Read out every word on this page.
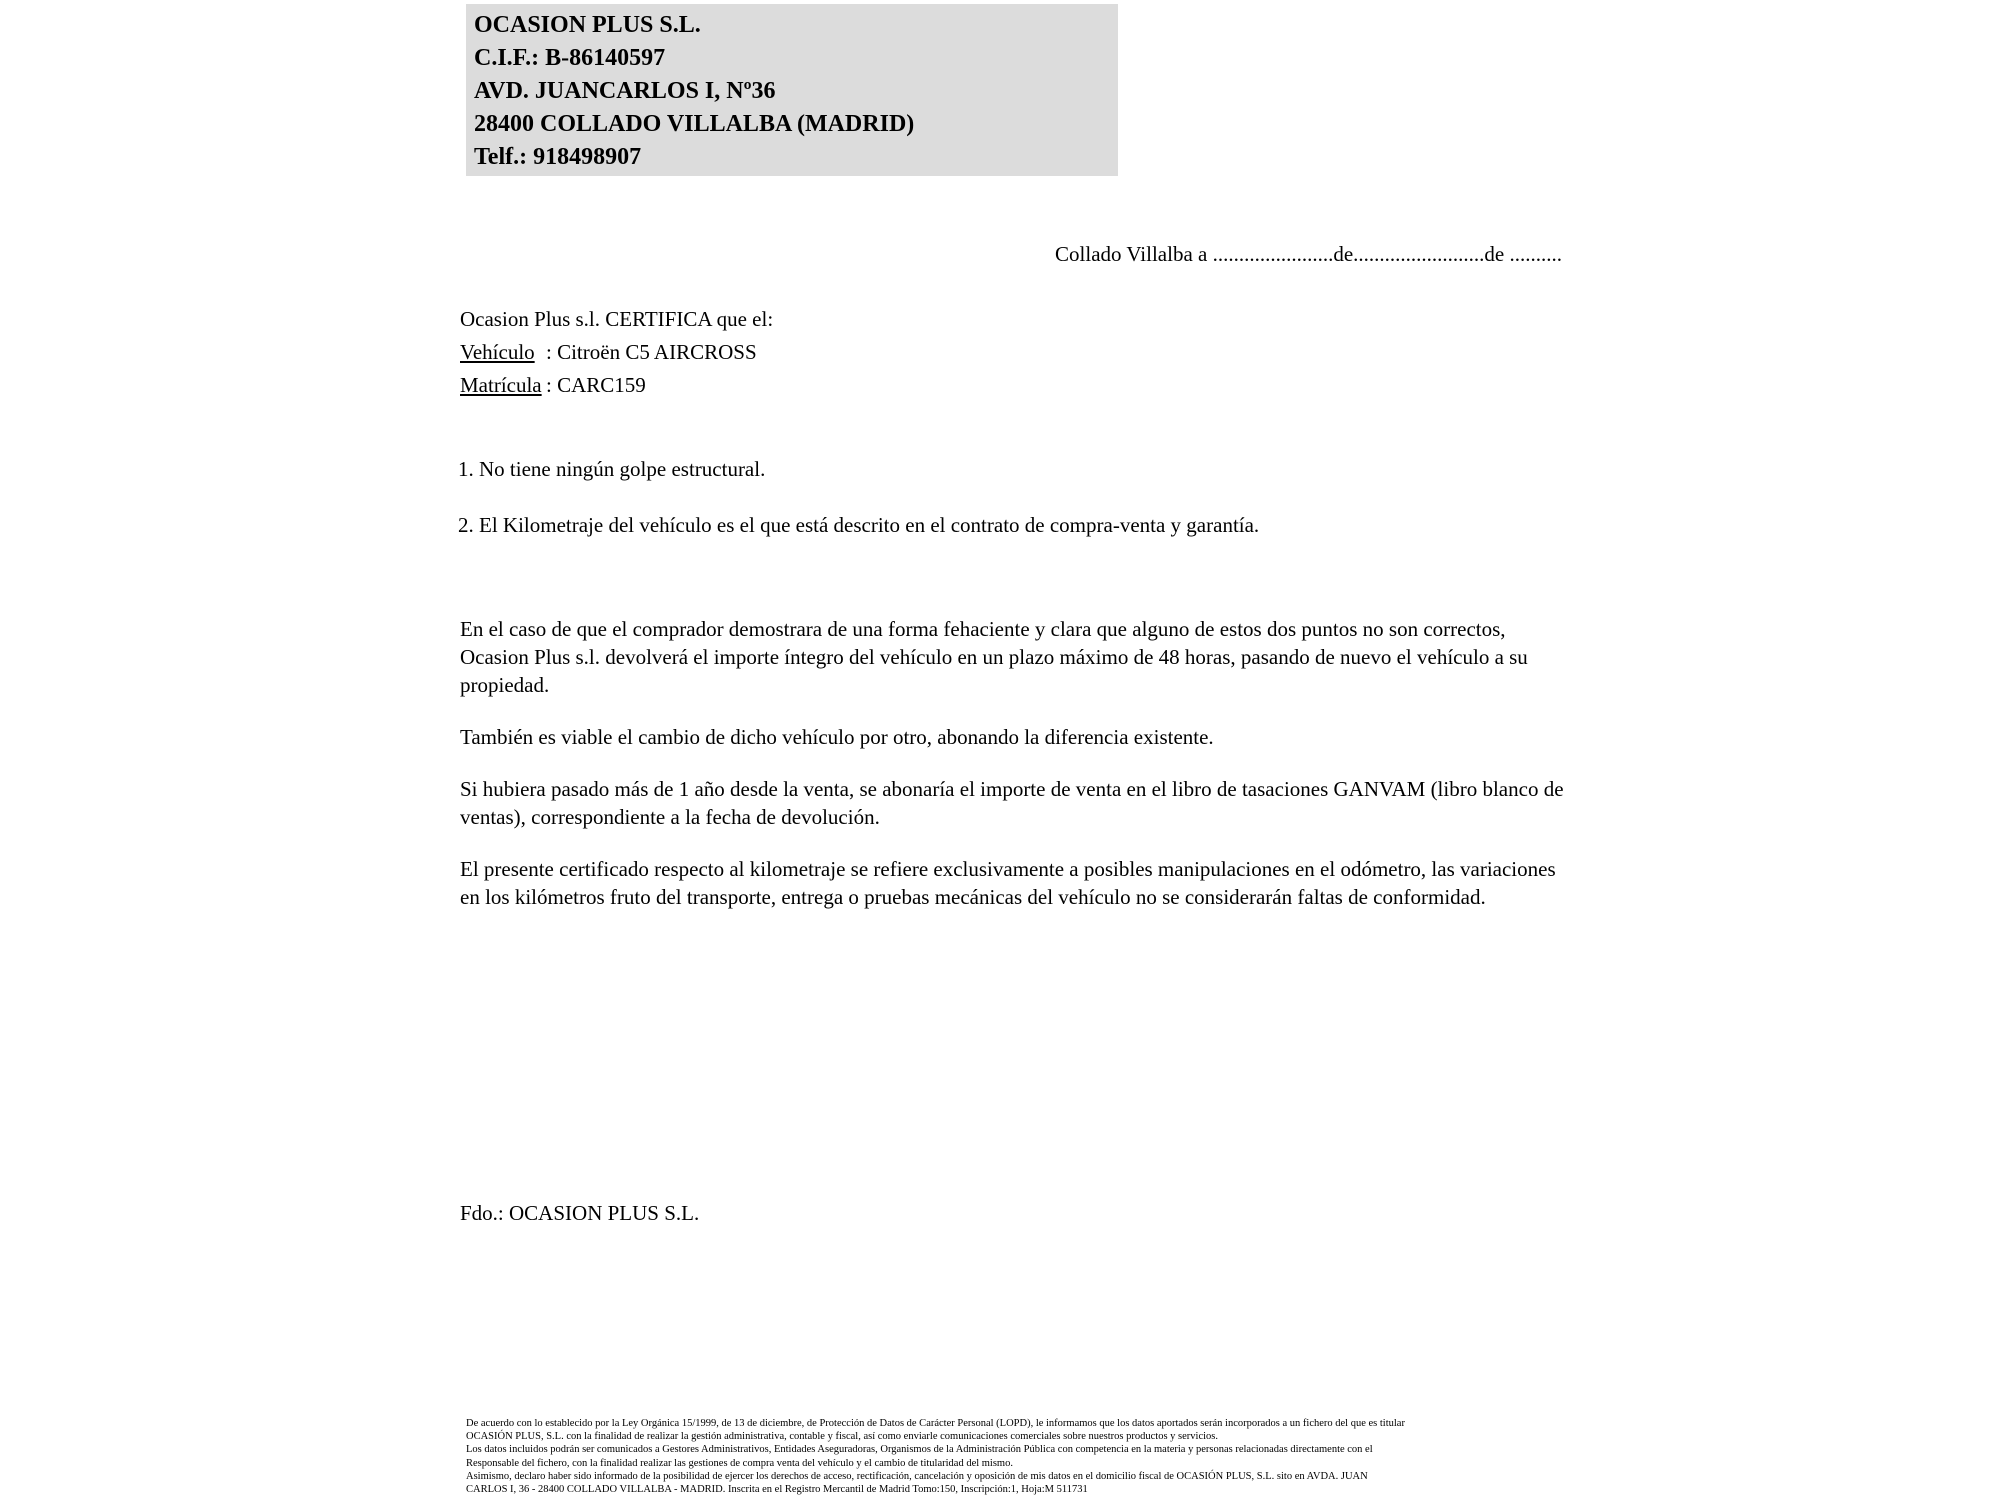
OCASION PLUS S.L.
C.I.F.: B-86140597
AVD. JUANCARLOS I, Nº36
28400 COLLADO VILLALBA (MADRID)
Telf.: 918498907
Collado Villalba a .......................de.........................de ..........
Ocasion Plus s.l. CERTIFICA que el:
Vehículo : Citroën C5 AIRCROSS
Matrícula : CARC159
1. No tiene ningún golpe estructural.
2. El Kilometraje del vehículo es el que está descrito en el contrato de compra-venta y garantía.

En el caso de que el comprador demostrara de una forma fehaciente y clara que alguno de estos dos puntos no son correctos, Ocasion Plus s.l. devolverá el importe íntegro del vehículo en un plazo máximo de 48 horas, pasando de nuevo el vehículo a su propiedad.

También es viable el cambio de dicho vehículo por otro, abonando la diferencia existente.

Si hubiera pasado más de 1 año desde la venta, se abonaría el importe de venta en el libro de tasaciones GANVAM (libro blanco de ventas), correspondiente a la fecha de devolución.

El presente certificado respecto al kilometraje se refiere exclusivamente a posibles manipulaciones en el odómetro, las variaciones en los kilómetros fruto del transporte, entrega o pruebas mecánicas del vehículo no se considerarán faltas de conformidad.

Fdo.: OCASION PLUS S.L.
De acuerdo con lo establecido por la Ley Orgánica 15/1999, de 13 de diciembre, de Protección de Datos de Carácter Personal (LOPD), le informamos que los datos aportados serán incorporados a un fichero del que es titular
OCASIÓN PLUS, S.L. con la finalidad de realizar la gestión administrativa, contable y fiscal, así como enviarle comunicaciones comerciales sobre nuestros productos y servicios.
Los datos incluidos podrán ser comunicados a Gestores Administrativos, Entidades Aseguradoras, Organismos de la Administración Pública con competencia en la materia y personas relacionadas directamente con el
Responsable del fichero, con la finalidad realizar las gestiones de compra venta del vehículo y el cambio de titularidad del mismo.
Asimismo, declaro haber sido informado de la posibilidad de ejercer los derechos de acceso, rectificación, cancelación y oposición de mis datos en el domicilio fiscal de OCASIÓN PLUS, S.L. sito en AVDA. JUAN
CARLOS I, 36 - 28400 COLLADO VILLALBA - MADRID. Inscrita en el Registro Mercantil de Madrid Tomo:150, Inscripción:1, Hoja:M 511731
